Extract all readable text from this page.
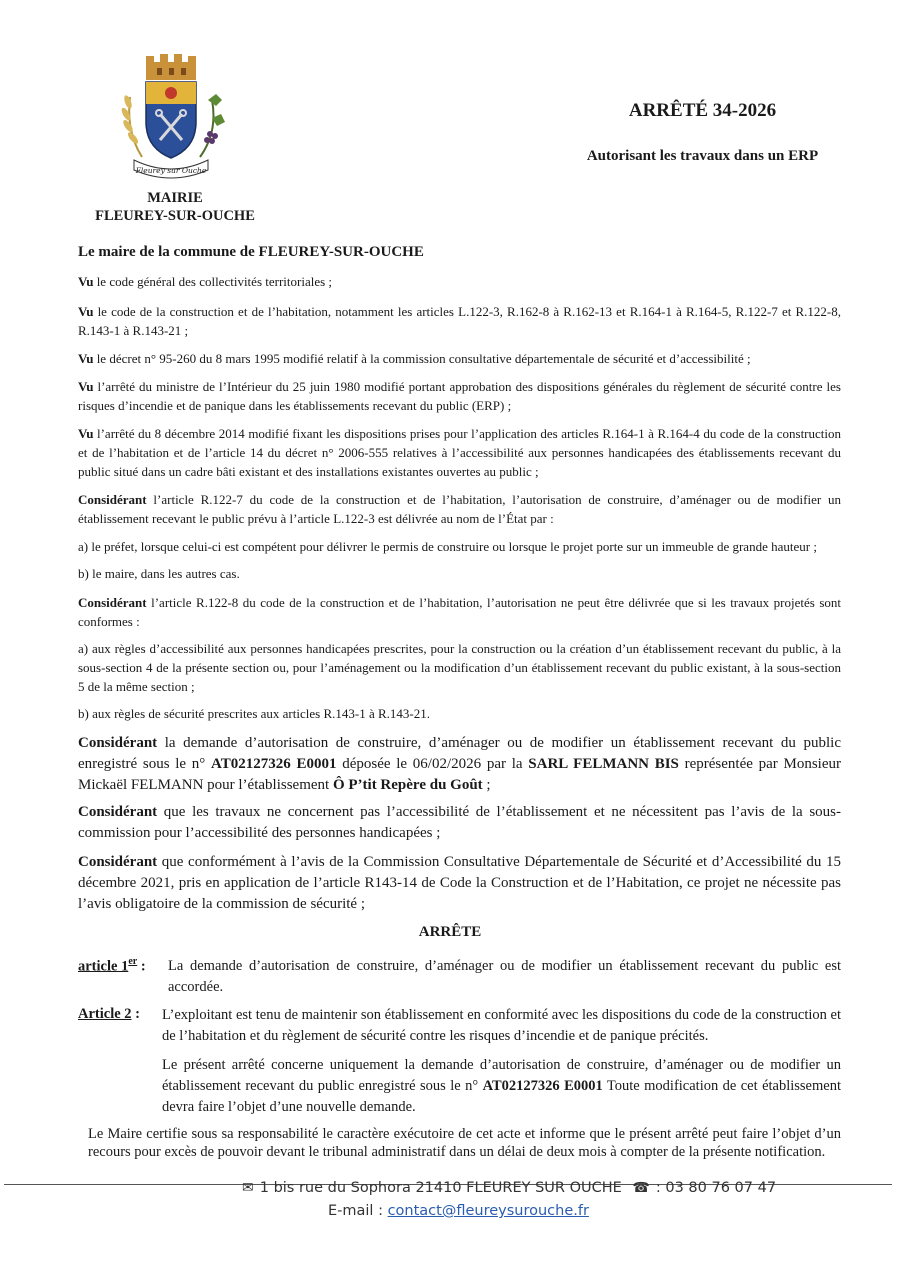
Fleurey sur Ouche
MAIRIE
FLEUREY-SUR-OUCHE
ARRÊTÉ 34-2026
Autorisant les travaux dans un ERP
Le maire de la commune de FLEUREY-SUR-OUCHE

Vu le code général des collectivités territoriales ;

Vu le code de la construction et de l’habitation, notamment les articles L.122-3, R.162-8 à R.162-13 et R.164-1 à R.164-5, R.122-7 et R.122-8, R.143-1 à R.143-21 ;

Vu le décret n° 95-260 du 8 mars 1995 modifié relatif à la commission consultative départementale de sécurité et d’accessibilité ;

Vu l’arrêté du ministre de l’Intérieur du 25 juin 1980 modifié portant approbation des dispositions générales du règlement de sécurité contre les risques d’incendie et de panique dans les établissements recevant du public (ERP) ;

Vu l’arrêté du 8 décembre 2014 modifié fixant les dispositions prises pour l’application des articles R.164-1 à R.164-4 du code de la construction et de l’habitation et de l’article 14 du décret n° 2006-555 relatives à l’accessibilité aux personnes handicapées des établissements recevant du public situé dans un cadre bâti existant et des installations existantes ouvertes au public ;

Considérant l’article R.122-7 du code de la construction et de l’habitation, l’autorisation de construire, d’aménager ou de modifier un établissement recevant le public prévu à l’article L.122-3 est délivrée au nom de l’État par :

a) le préfet, lorsque celui-ci est compétent pour délivrer le permis de construire ou lorsque le projet porte sur un immeuble de grande hauteur ;

b) le maire, dans les autres cas.

Considérant l’article R.122-8 du code de la construction et de l’habitation, l’autorisation ne peut être délivrée que si les travaux projetés sont conformes :

a) aux règles d’accessibilité aux personnes handicapées prescrites, pour la construction ou la création d’un établissement recevant du public, à la sous-section 4 de la présente section ou, pour l’aménagement ou la modification d’un établissement recevant du public existant, à la sous-section 5 de la même section ;

b) aux règles de sécurité prescrites aux articles R.143-1 à R.143-21.

Considérant la demande d’autorisation de construire, d’aménager ou de modifier un établissement recevant du public enregistré sous le n° AT02127326 E0001 déposée le 06/02/2026 par la SARL FELMANN BIS représentée par Monsieur Mickaël FELMANN pour l’établissement Ô P’tit Repère du Goût ;

Considérant que les travaux ne concernent pas l’accessibilité de l’établissement et ne nécessitent pas l’avis de la sous-commission pour l’accessibilité des personnes handicapées ;

Considérant que conformément à l’avis de la Commission Consultative Départementale de Sécurité et d’Accessibilité du 15 décembre 2021, pris en application de l’article R143-14 de Code la Construction et de l’Habitation, ce projet ne nécessite pas l’avis obligatoire de la commission de sécurité ;

ARRÊTE
article 1er : La demande d’autorisation de construire, d’aménager ou de modifier un établissement recevant du public est accordée.

Article 2 : L’exploitant est tenu de maintenir son établissement en conformité avec les dispositions du code de la construction et de l’habitation et du règlement de sécurité contre les risques d’incendie et de panique précités.

Le présent arrêté concerne uniquement la demande d’autorisation de construire, d’aménager ou de modifier un établissement recevant du public enregistré sous le n° AT02127326 E0001 Toute modification de cet établissement devra faire l’objet d’une nouvelle demande.

Le Maire certifie sous sa responsabilité le caractère exécutoire de cet acte et informe que le présent arrêté peut faire l’objet d’un recours pour excès de pouvoir devant le tribunal administratif dans un délai de deux mois à compter de la présente notification.

✉ 1 bis rue du Sophora 21410 FLEUREY SUR OUCHE ☎ : 03 80 76 07 47
E-mail : contact@fleureysurouche.fr
